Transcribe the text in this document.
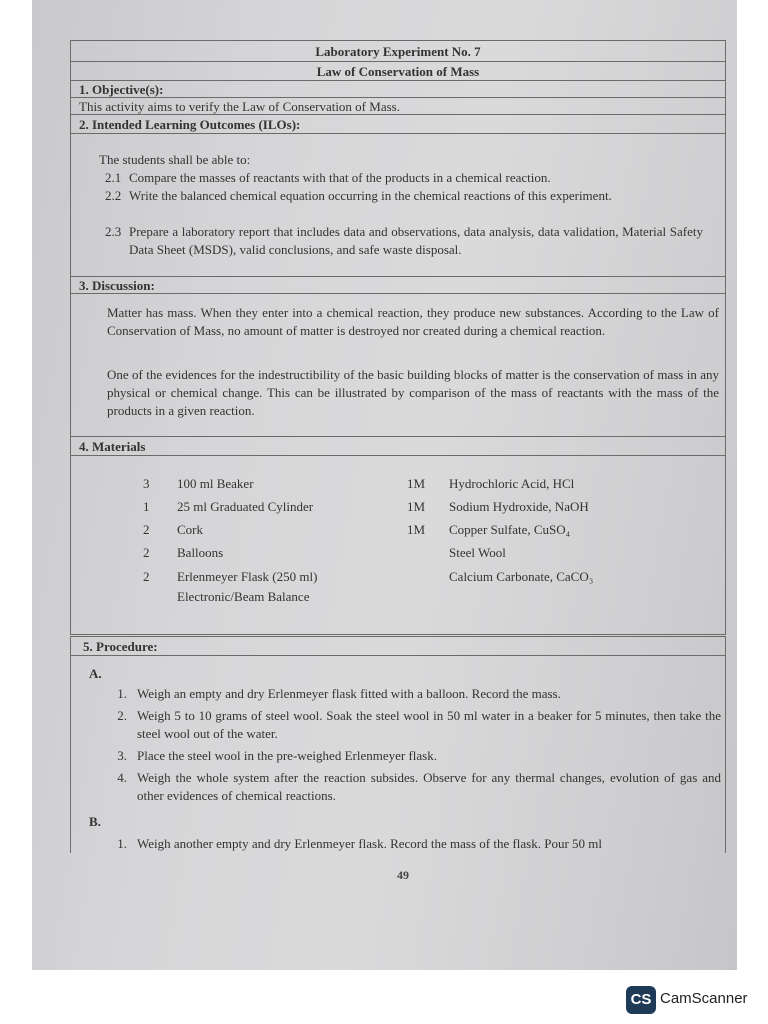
Laboratory Experiment No. 7
Law of Conservation of Mass
1. Objective(s):
This activity aims to verify the Law of Conservation of Mass.
2. Intended Learning Outcomes (ILOs):
The students shall be able to:
2.1 Compare the masses of reactants with that of the products in a chemical reaction.
2.2 Write the balanced chemical equation occurring in the chemical reactions of this experiment.
2.3 Prepare a laboratory report that includes data and observations, data analysis, data validation, Material Safety Data Sheet (MSDS), valid conclusions, and safe waste disposal.
3. Discussion:
Matter has mass. When they enter into a chemical reaction, they produce new substances. According to the Law of Conservation of Mass, no amount of matter is destroyed nor created during a chemical reaction.
One of the evidences for the indestructibility of the basic building blocks of matter is the conservation of mass in any physical or chemical change. This can be illustrated by comparison of the mass of reactants with the mass of the products in a given reaction.
4. Materials
3 100 ml Beaker
1 25 ml Graduated Cylinder
2 Cork
2 Balloons
2 Erlenmeyer Flask (250 ml)
Electronic/Beam Balance
1M Hydrochloric Acid, HCl
1M Sodium Hydroxide, NaOH
1M Copper Sulfate, CuSO₄
Steel Wool
Calcium Carbonate, CaCO₃
5. Procedure:
A.
1. Weigh an empty and dry Erlenmeyer flask fitted with a balloon. Record the mass.
2. Weigh 5 to 10 grams of steel wool. Soak the steel wool in 50 ml water in a beaker for 5 minutes, then take the steel wool out of the water.
3. Place the steel wool in the pre-weighed Erlenmeyer flask.
4. Weigh the whole system after the reaction subsides. Observe for any thermal changes, evolution of gas and other evidences of chemical reactions.
B.
1. Weigh another empty and dry Erlenmeyer flask. Record the mass of the flask. Pour 50 ml
49
CS CamScanner
